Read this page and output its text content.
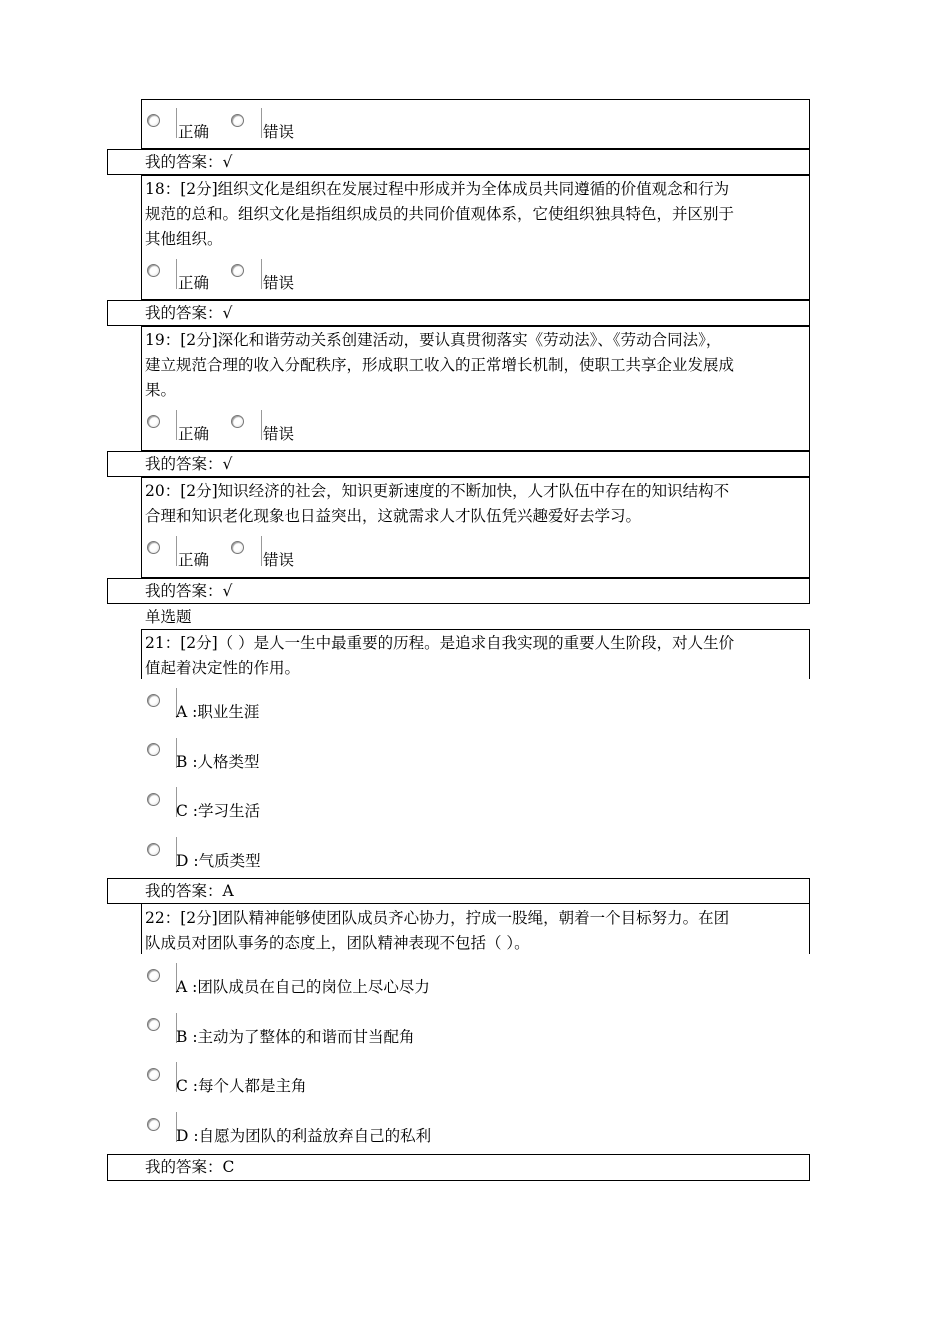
正确	错误
我的答案：√
18：[2分]组织文化是组织在发展过程中形成并为全体成员共同遵循的价值观念和行为
规范的总和。组织文化是指组织成员的共同价值观体系，它使组织独具特色，并区别于
其他组织。
正确	错误
我的答案：√
19：[2分]深化和谐劳动关系创建活动，要认真贯彻落实《劳动法》、《劳动合同法》，
建立规范合理的收入分配秩序，形成职工收入的正常增长机制，使职工共享企业发展成
果。
正确	错误
我的答案：√
20：[2分]知识经济的社会，知识更新速度的不断加快，人才队伍中存在的知识结构不
合理和知识老化现象也日益突出，这就需求人才队伍凭兴趣爱好去学习。
正确	错误
我的答案：√
单选题
21：[2分]（ ）是人一生中最重要的历程。是追求自我实现的重要人生阶段，对人生价
值起着决定性的作用。
A :职业生涯
B :人格类型
C :学习生活
D :气质类型
我的答案：A
22：[2分]团队精神能够使团队成员齐心协力，拧成一股绳，朝着一个目标努力。在团
队成员对团队事务的态度上，团队精神表现不包括（ ）。
A :团队成员在自己的岗位上尽心尽力
B :主动为了整体的和谐而甘当配角
C :每个人都是主角
D :自愿为团队的利益放弃自己的私利
我的答案：C
